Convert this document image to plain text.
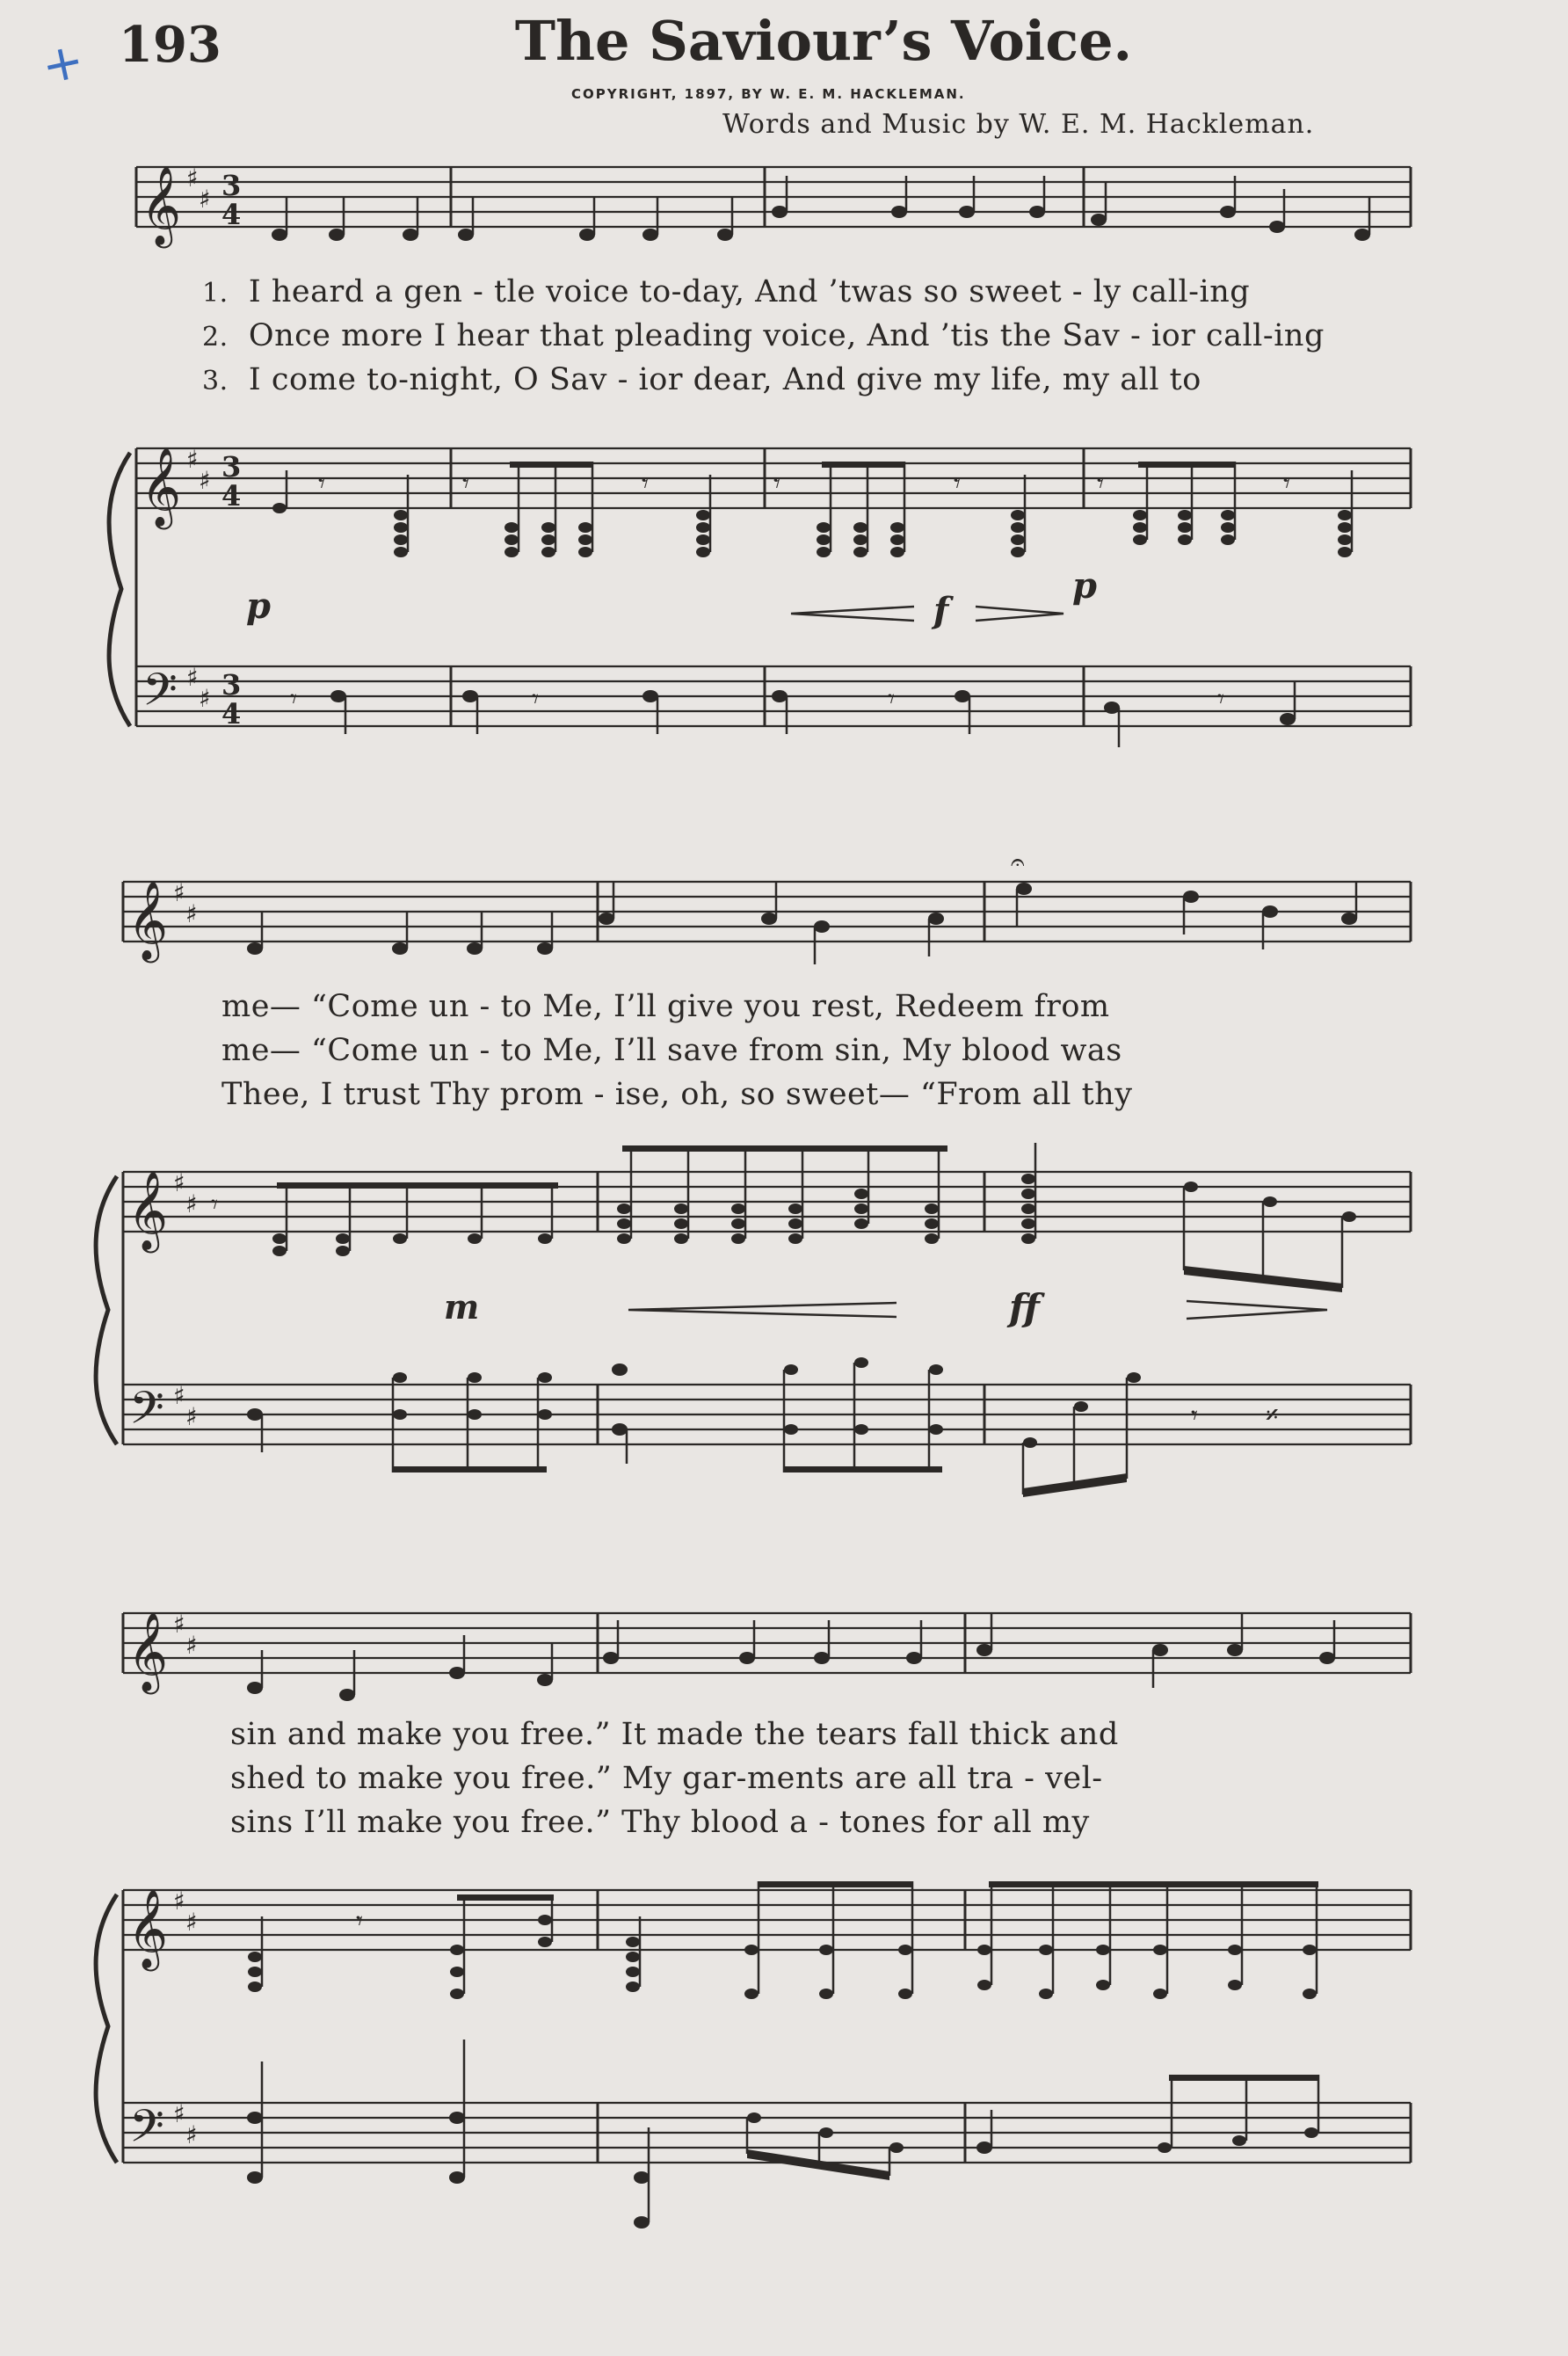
+ 193	The Saviour’s Voice.
COPYRIGHT, 1897, BY W. E. M. HACKLEMAN.
Words and Music by W. E. M. Hackleman.
𝄞 ♯
♯ 3
4
𝄞 ♯
♯ 3
4	𝄾	𝄾	𝄾	𝄾	𝄾	𝄾	𝄾
p	f
p
𝄢 ♯
♯ 3
4 𝄾	𝄾	𝄾	𝄾
𝄞 ♯
♯
𝄐
𝄞 ♯
♯ 𝄾
m	ff
𝄢 ♯
♯	𝄾	𝄎
𝄞 ♯
♯
𝄞 ♯
♯	𝄾
𝄢 ♯
♯
1. I heard a gen - tle voice to-day, And ’twas so sweet - ly call-ing
2. Once more I hear that pleading voice, And ’tis the Sav - ior call-ing
3. I come to-night, O Sav - ior dear, And give my life, my all to
me— “Come un - to Me, I’ll give you rest, Redeem from
me— “Come un - to Me, I’ll save from sin, My blood was
Thee, I trust Thy prom - ise, oh, so sweet— “From all thy
sin and make you free.” It made the tears fall thick and
shed to make you free.” My gar-ments are all tra - vel-
sins I’ll make you free.” Thy blood a - tones for all my
